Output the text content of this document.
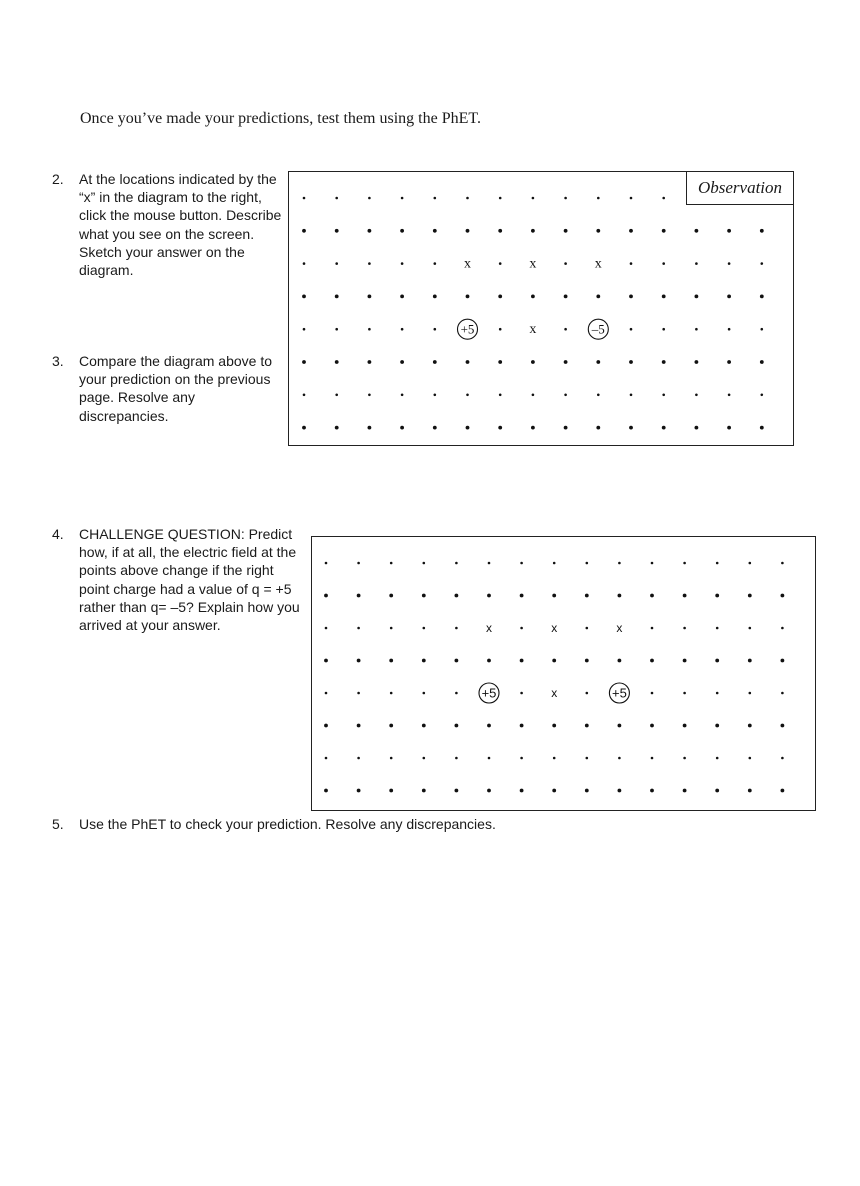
Once you’ve made your predictions, test them using the PhET.
2. At the locations indicated by the “x” in the diagram to the right, click the mouse button. Describe what you see on the screen. Sketch your answer on the diagram.
3. Compare the diagram above to your prediction on the previous page. Resolve any discrepancies.
4. CHALLENGE QUESTION: Predict how, if at all, the electric field at the points above change if the right point charge had a value of q = +5 rather than q= –5? Explain how you arrived at your answer.
5. Use the PhET to check your prediction. Resolve any discrepancies.
x	x	x
x
+5	–5
Observation
x	x	x
x
+5	+5
